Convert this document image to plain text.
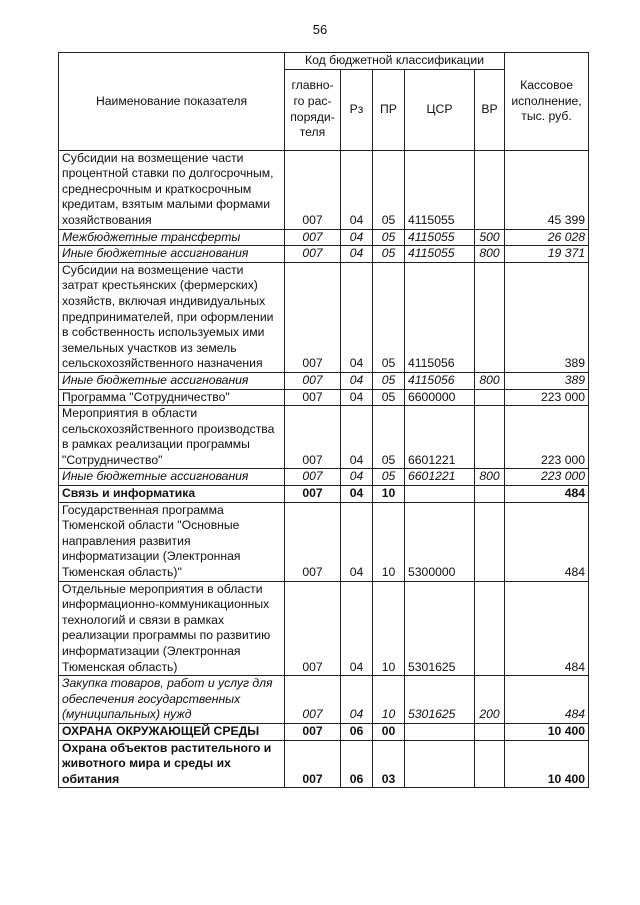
56
Наименование показателя	Код бюджетной классификации					Кассовое исполнение, тыс. руб.
	главно-
го рас-
поряди-
теля	Рз	ПР	ЦСР	ВР	
Субсидии на возмещение части процентной ставки по долгосрочным, среднесрочным и краткосрочным кредитам, взятым малыми формами хозяйствования	007	04	05	4115055		45 399
Межбюджетные трансферты	007	04	05	4115055	500	26 028
Иные бюджетные ассигнования	007	04	05	4115055	800	19 371
Субсидии на возмещение части затрат крестьянских (фермерских) хозяйств, включая индивидуальных предпринимателей, при оформлении в собственность используемых ими земельных участков из земель сельскохозяйственного назначения	007	04	05	4115056		389
Иные бюджетные ассигнования	007	04	05	4115056	800	389
Программа "Сотрудничество"	007	04	05	6600000		223 000
Мероприятия в области сельскохозяйственного производства в рамках реализации программы "Сотрудничество"	007	04	05	6601221		223 000
Иные бюджетные ассигнования	007	04	05	6601221	800	223 000
Связь и информатика	007	04	10			484
Государственная программа Тюменской области "Основные направления развития информатизации (Электронная Тюменская область)"	007	04	10	5300000		484
Отдельные мероприятия в области информационно-коммуникационных технологий и связи в рамках реализации программы по развитию информатизации (Электронная Тюменская область)	007	04	10	5301625		484
Закупка товаров, работ и услуг для обеспечения государственных (муниципальных) нужд	007	04	10	5301625	200	484
ОХРАНА ОКРУЖАЮЩЕЙ СРЕДЫ	007	06	00			10 400
Охрана объектов растительного и животного мира и среды их обитания	007	06	03			10 400
